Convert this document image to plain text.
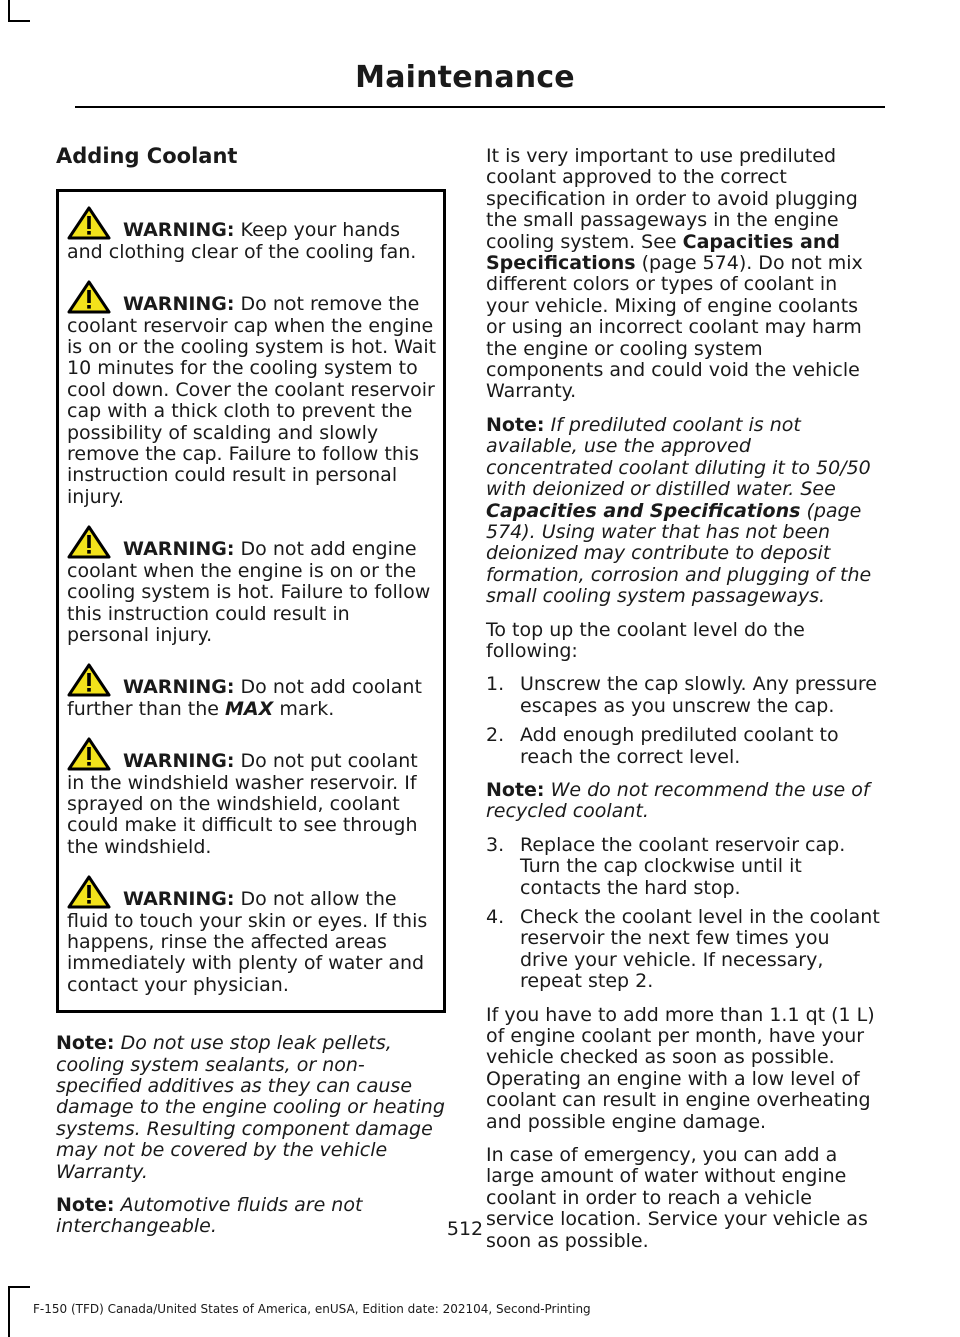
Maintenance
Adding Coolant
WARNING: Keep your hands and clothing clear of the cooling fan.
WARNING: Do not remove the coolant reservoir cap when the engine is on or the cooling system is hot. Wait 10 minutes for the cooling system to cool down. Cover the coolant reservoir cap with a thick cloth to prevent the possibility of scalding and slowly remove the cap. Failure to follow this instruction could result in personal injury.
WARNING: Do not add engine coolant when the engine is on or the cooling system is hot. Failure to follow this instruction could result in personal injury.
WARNING: Do not add coolant further than the MAX mark.
WARNING: Do not put coolant in the windshield washer reservoir. If sprayed on the windshield, coolant could make it difficult to see through the windshield.
WARNING: Do not allow the fluid to touch your skin or eyes. If this happens, rinse the affected areas immediately with plenty of water and contact your physician.

Note: Do not use stop leak pellets, cooling system sealants, or non-specified additives as they can cause damage to the engine cooling or heating systems. Resulting component damage may not be covered by the vehicle Warranty.

Note: Automotive fluids are not interchangeable.

It is very important to use prediluted coolant approved to the correct specification in order to avoid plugging the small passageways in the engine cooling system. See Capacities and Specifications (page 574). Do not mix different colors or types of coolant in your vehicle. Mixing of engine coolants or using an incorrect coolant may harm the engine or cooling system components and could void the vehicle Warranty.

Note: If prediluted coolant is not available, use the approved concentrated coolant diluting it to 50/50 with deionized or distilled water. See Capacities and Specifications (page 574). Using water that has not been deionized may contribute to deposit formation, corrosion and plugging of the small cooling system passageways.

To top up the coolant level do the following:

1. Unscrew the cap slowly. Any pressure escapes as you unscrew the cap.
2. Add enough prediluted coolant to reach the correct level.

Note: We do not recommend the use of recycled coolant.

3. Replace the coolant reservoir cap. Turn the cap clockwise until it contacts the hard stop.
4. Check the coolant level in the coolant reservoir the next few times you drive your vehicle. If necessary, repeat step 2.

If you have to add more than 1.1 qt (1 L) of engine coolant per month, have your vehicle checked as soon as possible. Operating an engine with a low level of coolant can result in engine overheating and possible engine damage.

In case of emergency, you can add a large amount of water without engine coolant in order to reach a vehicle service location. Service your vehicle as soon as possible.

512
F-150 (TFD) Canada/United States of America, enUSA, Edition date: 202104, Second-Printing
